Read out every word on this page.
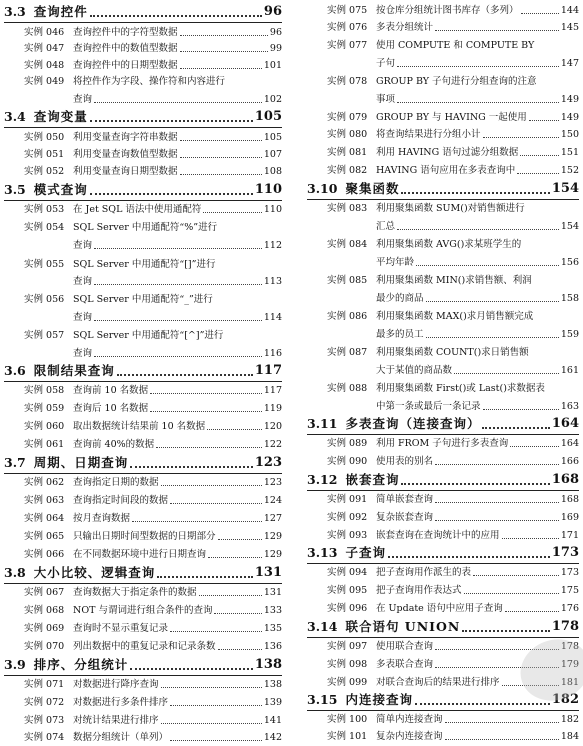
3.3 查询控件	96
实例 046 查询控件中的字符型数据	96
实例 047 查询控件中的数值型数据	99
实例 048 查询控件中的日期型数据	101
实例 049 将控件作为字段、操作符和内容进行
查询	102
3.4 查询变量	105
实例 050 利用变量查询字符串数据	105
实例 051 利用变量查询数值型数据	107
实例 052 利用变量查询日期型数据	108
3.5 模式查询	110
实例 053 在 Jet SQL 语法中使用通配符	110
实例 054 SQL Server 中用通配符“%”进行
查询	112
实例 055 SQL Server 中用通配符“[]”进行
查询	113
实例 056 SQL Server 中用通配符“_”进行
查询	114
实例 057 SQL Server 中用通配符“[^]”进行
查询	116
3.6 限制结果查询	117
实例 058 查询前 10 名数据	117
实例 059 查询后 10 名数据	119
实例 060 取出数据统计结果前 10 名数据	120
实例 061 查询前 40%的数据	122
3.7 周期、日期查询	123
实例 062 查询指定日期的数据	123
实例 063 查询指定时间段的数据	124
实例 064 按月查询数据	127
实例 065 只输出日期时间型数据的日期部分	129
实例 066 在不同数据环境中进行日期查询	129
3.8 大小比较、逻辑查询	131
实例 067 查询数据大于指定条件的数据	131
实例 068 NOT 与谓词进行组合条件的查询	133
实例 069 查询时不显示重复记录	135
实例 070 列出数据中的重复记录和记录条数	136
3.9 排序、分组统计	138
实例 071 对数据进行降序查询	138
实例 072 对数据进行多条件排序	139
实例 073 对统计结果进行排序	141
实例 074 数据分组统计（单列）	142
实例 075 按仓库分组统计图书库存（多列）	144
实例 076 多表分组统计	145
实例 077 使用 COMPUTE 和 COMPUTE BY
子句	147
实例 078 GROUP BY 子句进行分组查询的注意
事项	149
实例 079 GROUP BY 与 HAVING 一起使用	149
实例 080 将查询结果进行分组小计	150
实例 081 利用 HAVING 语句过滤分组数据	151
实例 082 HAVING 语句应用在多表查询中	152
3.10 聚集函数	154
实例 083 利用聚集函数 SUM()对销售额进行
汇总	154
实例 084 利用聚集函数 AVG()求某班学生的
平均年龄	156
实例 085 利用聚集函数 MIN()求销售额、利润
最少的商品	158
实例 086 利用聚集函数 MAX()求月销售额完成
最多的员工	159
实例 087 利用聚集函数 COUNT()求日销售额
大于某值的商品数	161
实例 088 利用聚集函数 First()或 Last()求数据表
中第一条或最后一条记录	163
3.11 多表查询（连接查询）	164
实例 089 利用 FROM 子句进行多表查询	164
实例 090 使用表的别名	166
3.12 嵌套查询	168
实例 091 简单嵌套查询	168
实例 092 复杂嵌套查询	169
实例 093 嵌套查询在查询统计中的应用	171
3.13 子查询	173
实例 094 把子查询用作派生的表	173
实例 095 把子查询用作表达式	175
实例 096 在 Update 语句中应用子查询	176
3.14 联合语句 UNION	178
实例 097 使用联合查询	178
实例 098 多表联合查询	179
实例 099 对联合查询后的结果进行排序	181
3.15 内连接查询	182
实例 100 简单内连接查询	182
实例 101 复杂内连接查询	184
